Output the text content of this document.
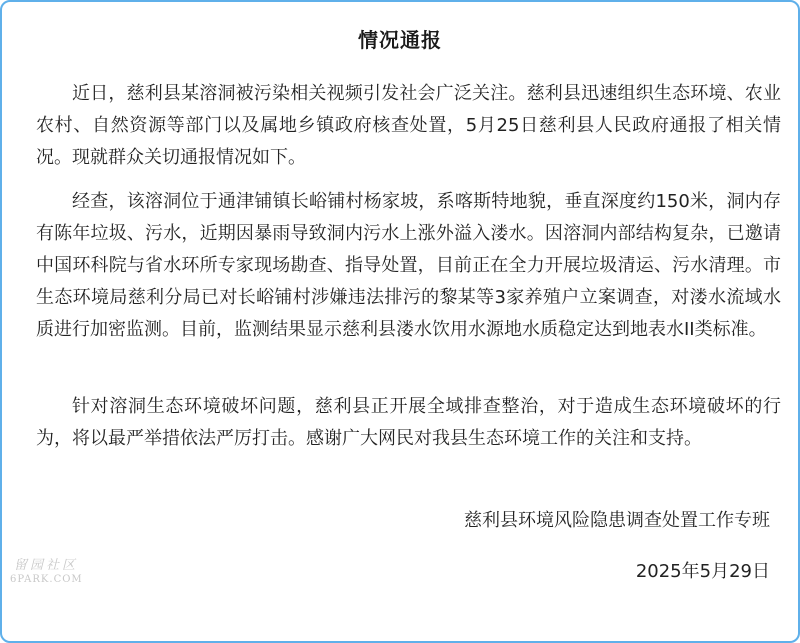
情况通报

近日，慈利县某溶洞被污染相关视频引发社会广泛关注。慈利县迅速组织生态环境、农业农村、自然资源等部门以及属地乡镇政府核查处置，5月25日慈利县人民政府通报了相关情况。现就群众关切通报情况如下。

经查，该溶洞位于通津铺镇长峪铺村杨家坡，系喀斯特地貌，垂直深度约150米，洞内存有陈年垃圾、污水，近期因暴雨导致洞内污水上涨外溢入溇水。因溶洞内部结构复杂，已邀请中国环科院与省水环所专家现场勘查、指导处置，目前正在全力开展垃圾清运、污水清理。市生态环境局慈利分局已对长峪铺村涉嫌违法排污的黎某等3家养殖户立案调查，对溇水流域水质进行加密监测。目前，监测结果显示慈利县溇水饮用水源地水质稳定达到地表水II类标准。

针对溶洞生态环境破坏问题，慈利县正开展全域排查整治，对于造成生态环境破坏的行为，将以最严举措依法严厉打击。感谢广大网民对我县生态环境工作的关注和支持。

慈利县环境风险隐患调查处置工作专班
2025年5月29日
留园社区
6PARK.COM
